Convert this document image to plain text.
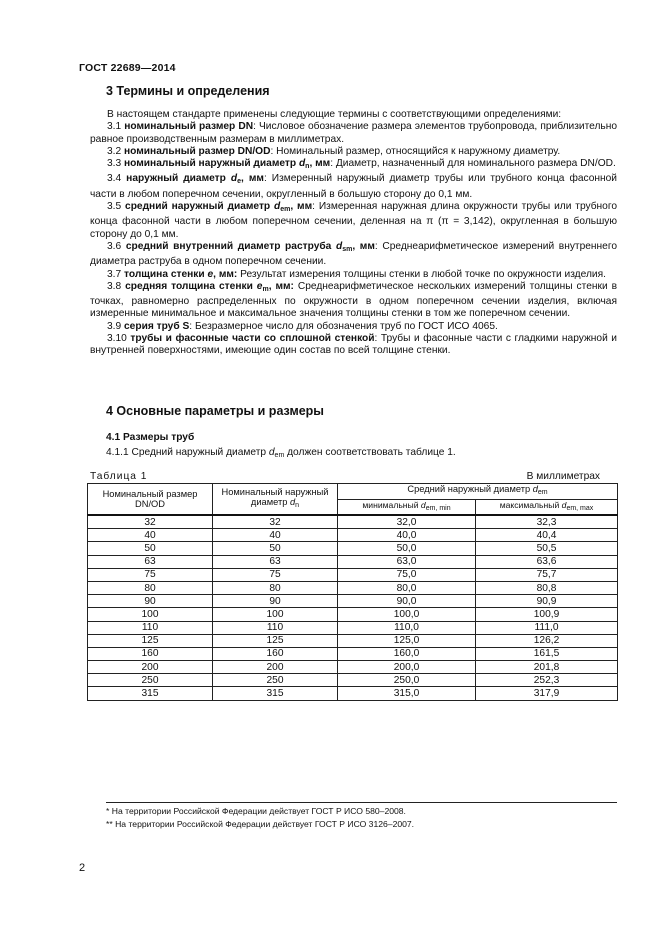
ГОСТ 22689—2014
3 Термины и определения

В настоящем стандарте применены следующие термины с соответствующими определениями:

3.1 номинальный размер DN: Числовое обозначение размера элементов трубопровода, приблизительно равное производственным размерам в миллиметрах.

3.2 номинальный размер DN/OD: Номинальный размер, относящийся к наружному диаметру.

3.3 номинальный наружный диаметр dn, мм: Диаметр, назначенный для номинального размера DN/OD.

3.4 наружный диаметр de, мм: Измеренный наружный диаметр трубы или трубного конца фасонной части в любом поперечном сечении, округленный в большую сторону до 0,1 мм.

3.5 средний наружный диаметр dem, мм: Измеренная наружная длина окружности трубы или трубного конца фасонной части в любом поперечном сечении, деленная на π (π = 3,142), округленная в большую сторону до 0,1 мм.

3.6 средний внутренний диаметр раструба dsm, мм: Среднеарифметическое измерений внутреннего диаметра раструба в одном поперечном сечении.

3.7 толщина стенки e, мм: Результат измерения толщины стенки в любой точке по окружности изделия.

3.8 средняя толщина стенки em, мм: Среднеарифметическое нескольких измерений толщины стенки в точках, равномерно распределенных по окружности в одном поперечном сечении изделия, включая измеренные минимальное и максимальное значения толщины стенки в том же поперечном сечении.

3.9 серия труб S: Безразмерное число для обозначения труб по ГОСТ ИСО 4065.

3.10 трубы и фасонные части со сплошной стенкой: Трубы и фасонные части с гладкими наружной и внутренней поверхностями, имеющие один состав по всей толщине стенки.

4 Основные параметры и размеры
4.1 Размеры труб
4.1.1 Средний наружный диаметр $d_{em}$ должен соответствовать таблице 1.
Таблица 1	В миллиметрах
Номинальный размер DN/OD	Номинальный наружный диаметр $d_n$	Средний наружный диаметр $d_{em}$
		минимальный $d_{em, min}$	максимальный $d_{em, max}$
32	32	32,0	32,3
40	40	40,0	40,4
50	50	50,0	50,5
63	63	63,0	63,6
75	75	75,0	75,7
80	80	80,0	80,8
90	90	90,0	90,9
100	100	100,0	100,9
110	110	110,0	111,0
125	125	125,0	126,2
160	160	160,0	161,5
200	200	200,0	201,8
250	250	250,0	252,3
315	315	315,0	317,9
* На территории Российской Федерации действует ГОСТ Р ИСО 580–2008.
** На территории Российской Федерации действует ГОСТ Р ИСО 3126–2007.
2
